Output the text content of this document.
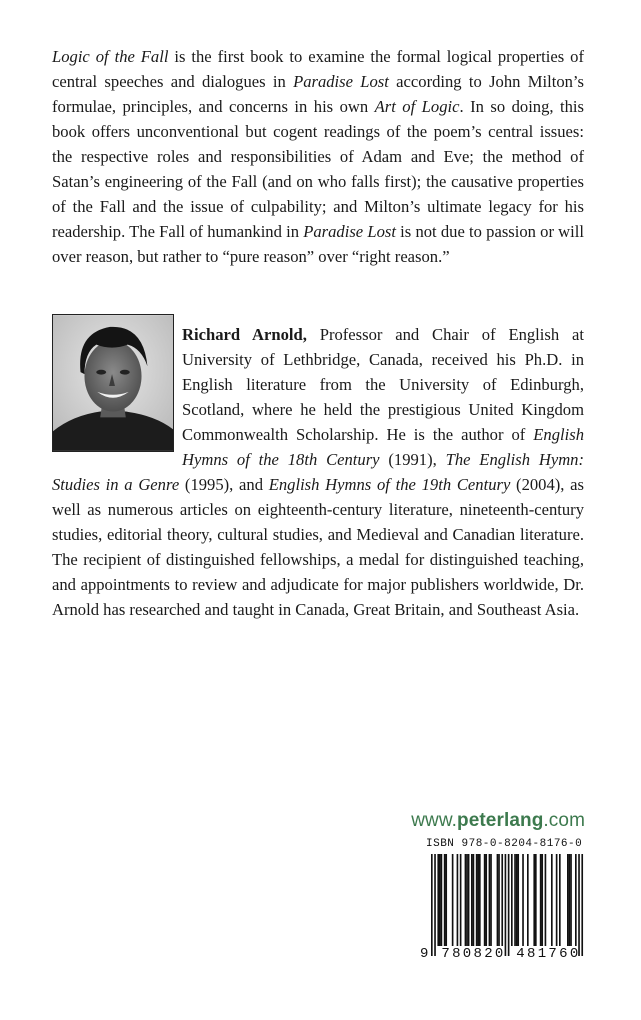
Logic of the Fall is the first book to examine the formal logical properties of central speeches and dialogues in Paradise Lost according to John Milton’s formulae, principles, and concerns in his own Art of Logic. In so doing, this book offers unconventional but cogent readings of the poem’s central issues: the respective roles and responsibilities of Adam and Eve; the method of Satan’s engineering of the Fall (and on who falls first); the causative properties of the Fall and the issue of culpability; and Milton’s ultimate legacy for his readership. The Fall of humankind in Paradise Lost is not due to passion or will over reason, but rather to “pure reason” over “right reason.”

Richard Arnold, Professor and Chair of English at University of Lethbridge, Canada, received his Ph.D. in English literature from the University of Edinburgh, Scotland, where he held the prestigious United Kingdom Commonwealth Scholarship. He is the author of English Hymns of the 18th Century (1991), The English Hymn: Studies in a Genre (1995), and English Hymns of the 19th Century (2004), as well as numerous articles on eighteenth-century literature, nineteenth-century studies, editorial theory, cultural studies, and Medieval and Canadian literature. The recipient of distinguished fellowships, a medal for distinguished teaching, and appointments to review and adjudicate for major publishers worldwide, Dr. Arnold has researched and taught in Canada, Great Britain, and Southeast Asia.

www.peterlang.com
ISBN 978-0-8204-8176-0
9 780820 481760
